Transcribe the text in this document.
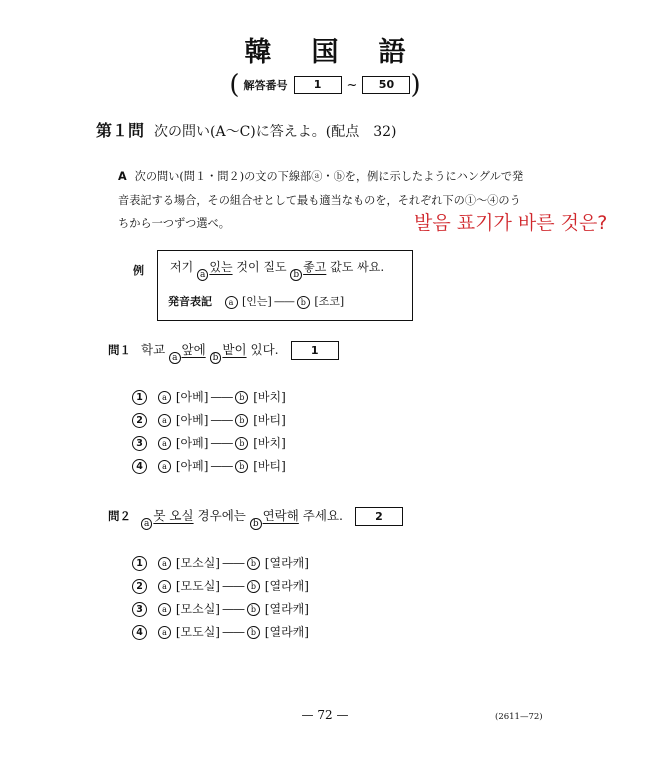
韓国語
( 解答番号	1	~	50 )
第１問 次の問い(A～C)に答えよ。(配点　32)
A 次の問い(問１・問２)の文の下線部ⓐ・ⓑを，例に示したようにハングルで発
音表記する場合，その組合せとして最も適当なものを，それぞれ下の①～④のう
ちから一つずつ選べ。	발음 표기가 바른 것은?
例 저기 $_a$있는 것이 질도 $_b$좋고 값도 싸요.
発音表記 a [인는] —— b [조코]
問１ 학교 $_a$앞에 $_b$밭이 있다.	1
1 a [아베] —— b [바치]
2 a [아베] —— b [바티]
3 a [아페] —— b [바치]
4 a [아페] —— b [바티]
問$2_a$못 오실 경우에는 $_b$연락해 주세요.	2
1 a [모소실] —— b [열라캐]
2 a [모도실] —— b [열라캐]
3 a [모소실] —— b [열라캐]
4 a [모도실] —— b [열라캐]
— 72 —	(2611—72)
